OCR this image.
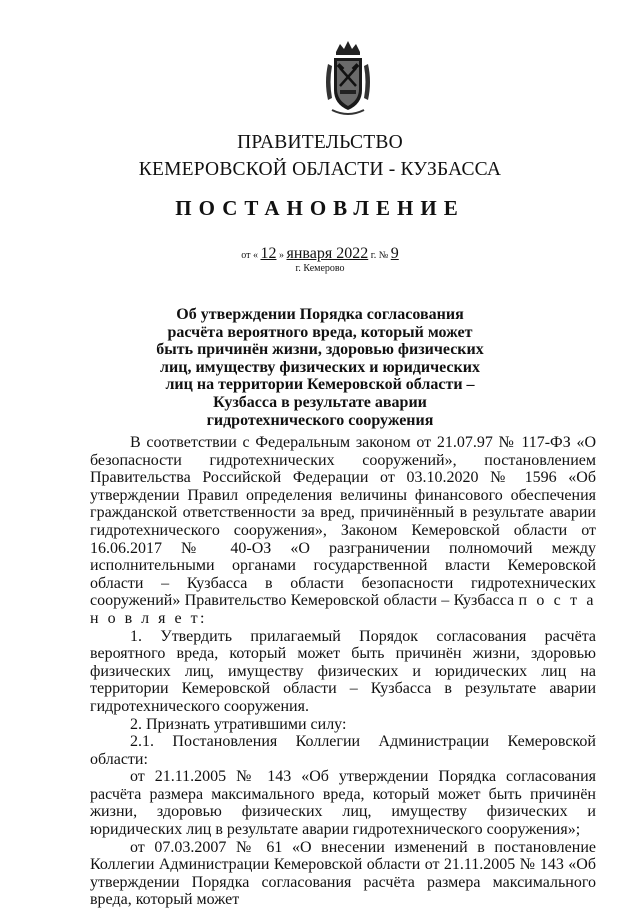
ПРАВИТЕЛЬСТВО
КЕМЕРОВСКОЙ ОБЛАСТИ - КУЗБАССА
ПОСТАНОВЛЕНИЕ
от « 12 » января 2022 г. № 9
г. Кемерово
Об утверждении Порядка согласования расчёта вероятного вреда, который может быть причинён жизни, здоровью физических лиц, имуществу физических и юридических лиц на территории Кемеровской области – Кузбасса в результате аварии гидротехнического сооружения

В соответствии с Федеральным законом от 21.07.97 № 117-ФЗ «О безопасности гидротехнических сооружений», постановлением Правительства Российской Федерации от 03.10.2020 № 1596 «Об утверждении Правил определения величины финансового обеспечения гражданской ответственности за вред, причинённый в результате аварии гидротехнического сооружения», Законом Кемеровской области от 16.06.2017 № 40-ОЗ «О разграничении полномочий между исполнительными органами государственной власти Кемеровской области – Кузбасса в области безопасности гидротехнических сооружений» Правительство Кемеровской области – Кузбасса п о с т а н о в л я е т:

1. Утвердить прилагаемый Порядок согласования расчёта вероятного вреда, который может быть причинён жизни, здоровью физических лиц, имуществу физических и юридических лиц на территории Кемеровской области – Кузбасса в результате аварии гидротехнического сооружения.

2. Признать утратившими силу:

2.1. Постановления Коллегии Администрации Кемеровской области:

от 21.11.2005 № 143 «Об утверждении Порядка согласования расчёта размера максимального вреда, который может быть причинён жизни, здоровью физических лиц, имуществу физических и юридических лиц в результате аварии гидротехнического сооружения»;

от 07.03.2007 № 61 «О внесении изменений в постановление Коллегии Администрации Кемеровской области от 21.11.2005 № 143 «Об утверждении Порядка согласования расчёта размера максимального вреда, который может
